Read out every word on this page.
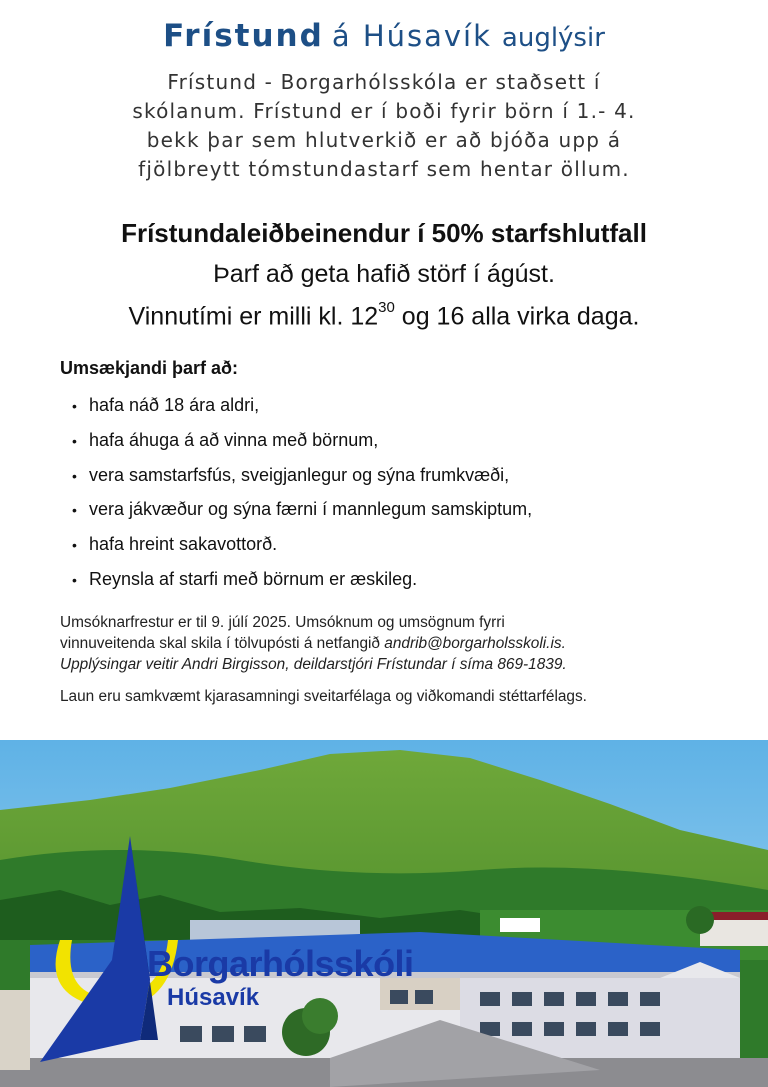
Frístund á Húsavík auglýsir
Frístund - Borgarhólsskóla er staðsett í
skólanum. Frístund er í boði fyrir börn í 1.- 4.
bekk þar sem hlutverkið er að bjóða upp á
fjölbreytt tómstundastarf sem hentar öllum.
Frístundaleiðbeinendur í 50% starfshlutfall
Þarf að geta hafið störf í ágúst.
Vinnutími er milli kl. $12^{30}$ og 16 alla virka daga.
Umsækjandi þarf að:
• hafa náð 18 ára aldri,
• hafa áhuga á að vinna með börnum,
• vera samstarfsfús, sveigjanlegur og sýna frumkvæði,
• vera jákvæður og sýna færni í mannlegum samskiptum,
• hafa hreint sakavottorð.
• Reynsla af starfi með börnum er æskileg.
Umsóknarfrestur er til 9. júlí 2025. Umsóknum og umsögnum fyrri
vinnuveitenda skal skila í tölvupósti á netfangið andrib@borgarholsskoli.is.
Upplýsingar veitir Andri Birgisson, deildarstjóri Frístundar í síma 869-1839.
Laun eru samkvæmt kjarasamningi sveitarfélaga og viðkomandi stéttarfélags.
Borgarhólsskóli
Húsavík
